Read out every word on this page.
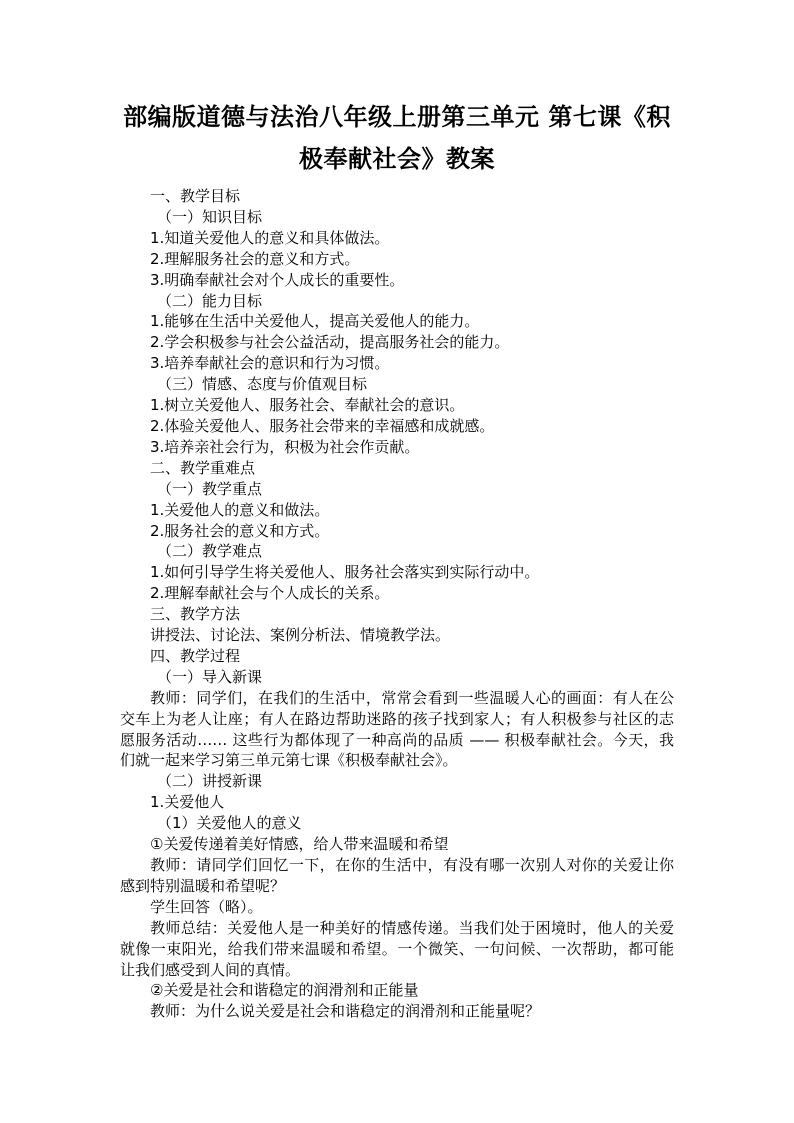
部编版道德与法治八年级上册第三单元 第七课《积
极奉献社会》教案

一、教学目标

（一）知识目标

1.知道关爱他人的意义和具体做法。

2.理解服务社会的意义和方式。

3.明确奉献社会对个人成长的重要性。

（二）能力目标

1.能够在生活中关爱他人，提高关爱他人的能力。

2.学会积极参与社会公益活动，提高服务社会的能力。

3.培养奉献社会的意识和行为习惯。

（三）情感、态度与价值观目标

1.树立关爱他人、服务社会、奉献社会的意识。

2.体验关爱他人、服务社会带来的幸福感和成就感。

3.培养亲社会行为，积极为社会作贡献。

二、教学重难点

（一）教学重点

1.关爱他人的意义和做法。

2.服务社会的意义和方式。

（二）教学难点

1.如何引导学生将关爱他人、服务社会落实到实际行动中。

2.理解奉献社会与个人成长的关系。

三、教学方法

讲授法、讨论法、案例分析法、情境教学法。

四、教学过程

（一）导入新课

教师：同学们，在我们的生活中，常常会看到一些温暖人心的画面：有人在公交车上为老人让座；有人在路边帮助迷路的孩子找到家人；有人积极参与社区的志愿服务活动…… 这些行为都体现了一种高尚的品质 —— 积极奉献社会。今天，我们就一起来学习第三单元第七课《积极奉献社会》。

（二）讲授新课

1.关爱他人

（1）关爱他人的意义

①关爱传递着美好情感，给人带来温暖和希望

教师：请同学们回忆一下，在你的生活中，有没有哪一次别人对你的关爱让你感到特别温暖和希望呢？

学生回答（略）。

教师总结：关爱他人是一种美好的情感传递。当我们处于困境时，他人的关爱就像一束阳光，给我们带来温暖和希望。一个微笑、一句问候、一次帮助，都可能让我们感受到人间的真情。

②关爱是社会和谐稳定的润滑剂和正能量

教师：为什么说关爱是社会和谐稳定的润滑剂和正能量呢？
